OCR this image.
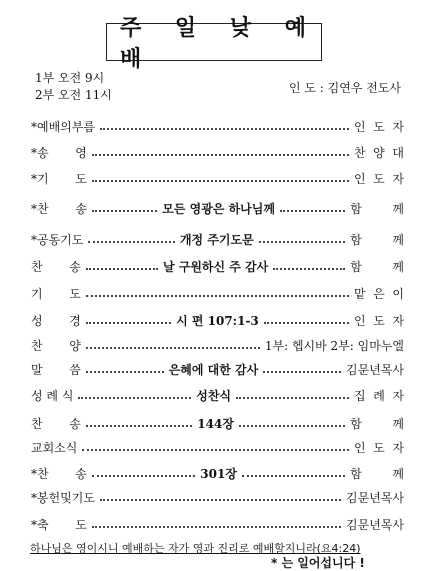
주 일 낮 예 배
1부 오전 9시
2부 오전 11시	인 도 : 김연우 전도사
*예배의부름	인  도  자
*송       영	찬  양  대
*기       도	인  도  자
*찬       송	모든 영광은 하나님께	함        께
*공동기도	개정 주기도문	함        께
찬       송	날 구원하신 주 감사	함        께
기       도	맡  은  이
성       경	시 편 107:1-3	인  도  자
찬       양	1부: 헵시바 2부: 임마누엘
말       씀	은혜에 대한 감사	김문년목사
성 례 식	성찬식	집  례  자
찬       송	144장	함        께
교회소식	인  도  자
*찬       송	301장	함        께
*봉헌및기도	김문년목사
*축       도	김문년목사
하나님은 영이시니 예배하는 자가 영과 진리로 예배할지니라(요4:24)
* 는 일어섭니다 !
